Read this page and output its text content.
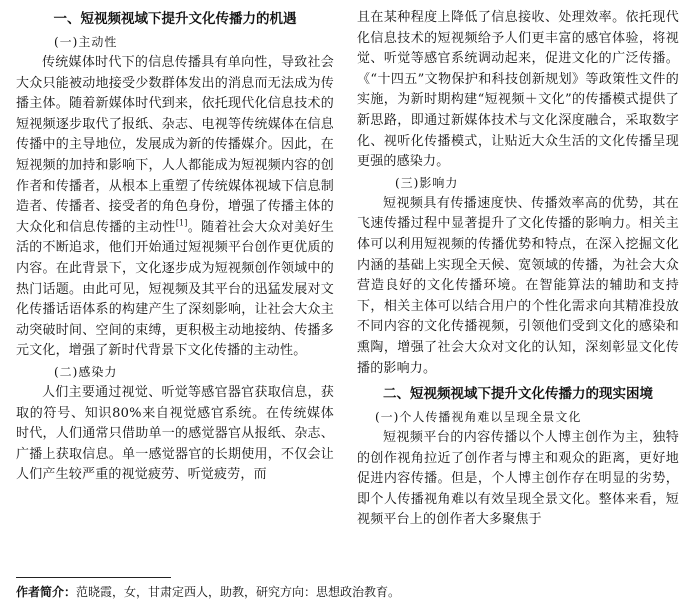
一、短视频视域下提升文化传播力的机遇
(一)主动性

传统媒体时代下的信息传播具有单向性，导致社会大众只能被动地接受少数群体发出的消息而无法成为传播主体。随着新媒体时代到来，依托现代化信息技术的短视频逐步取代了报纸、杂志、电视等传统媒体在信息传播中的主导地位，发展成为新的传播媒介。因此，在短视频的加持和影响下，人人都能成为短视频内容的创作者和传播者，从根本上重塑了传统媒体视域下信息制造者、传播者、接受者的角色身份，增强了传播主体的大众化和信息传播的主动性[1]。随着社会大众对美好生活的不断追求，他们开始通过短视频平台创作更优质的内容。在此背景下，文化逐步成为短视频创作领域中的热门话题。由此可见，短视频及其平台的迅猛发展对文化传播话语体系的构建产生了深刻影响，让社会大众主动突破时间、空间的束缚，更积极主动地接纳、传播多元文化，增强了新时代背景下文化传播的主动性。

(二)感染力

人们主要通过视觉、听觉等感官器官获取信息，获取的符号、知识80%来自视觉感官系统。在传统媒体时代，人们通常只借助单一的感觉器官从报纸、杂志、广播上获取信息。单一感觉器官的长期使用，不仅会让人们产生较严重的视觉疲劳、听觉疲劳，而

且在某种程度上降低了信息接收、处理效率。依托现代化信息技术的短视频给予人们更丰富的感官体验，将视觉、听觉等感官系统调动起来，促进文化的广泛传播。《“十四五”文物保护和科技创新规划》等政策性文件的实施，为新时期构建“短视频＋文化”的传播模式提供了新思路，即通过新媒体技术与文化深度融合，采取数字化、视听化传播模式，让贴近大众生活的文化传播呈现更强的感染力。

(三)影响力

短视频具有传播速度快、传播效率高的优势，其在飞速传播过程中显著提升了文化传播的影响力。相关主体可以利用短视频的传播优势和特点，在深入挖掘文化内涵的基础上实现全天候、宽领域的传播，为社会大众营造良好的文化传播环境。在智能算法的辅助和支持下，相关主体可以结合用户的个性化需求向其精准投放不同内容的文化传播视频，引领他们受到文化的感染和熏陶，增强了社会大众对文化的认知，深刻彰显文化传播的影响力。

二、短视频视域下提升文化传播力的现实困境
(一)个人传播视角难以呈现全景文化

短视频平台的内容传播以个人博主创作为主，独特的创作视角拉近了创作者与博主和观众的距离，更好地促进内容传播。但是，个人博主创作存在明显的劣势，即个人传播视角难以有效呈现全景文化。整体来看，短视频平台上的创作者大多聚焦于

作者简介：范晓霞，女，甘肃定西人，助教，研究方向：思想政治教育。
